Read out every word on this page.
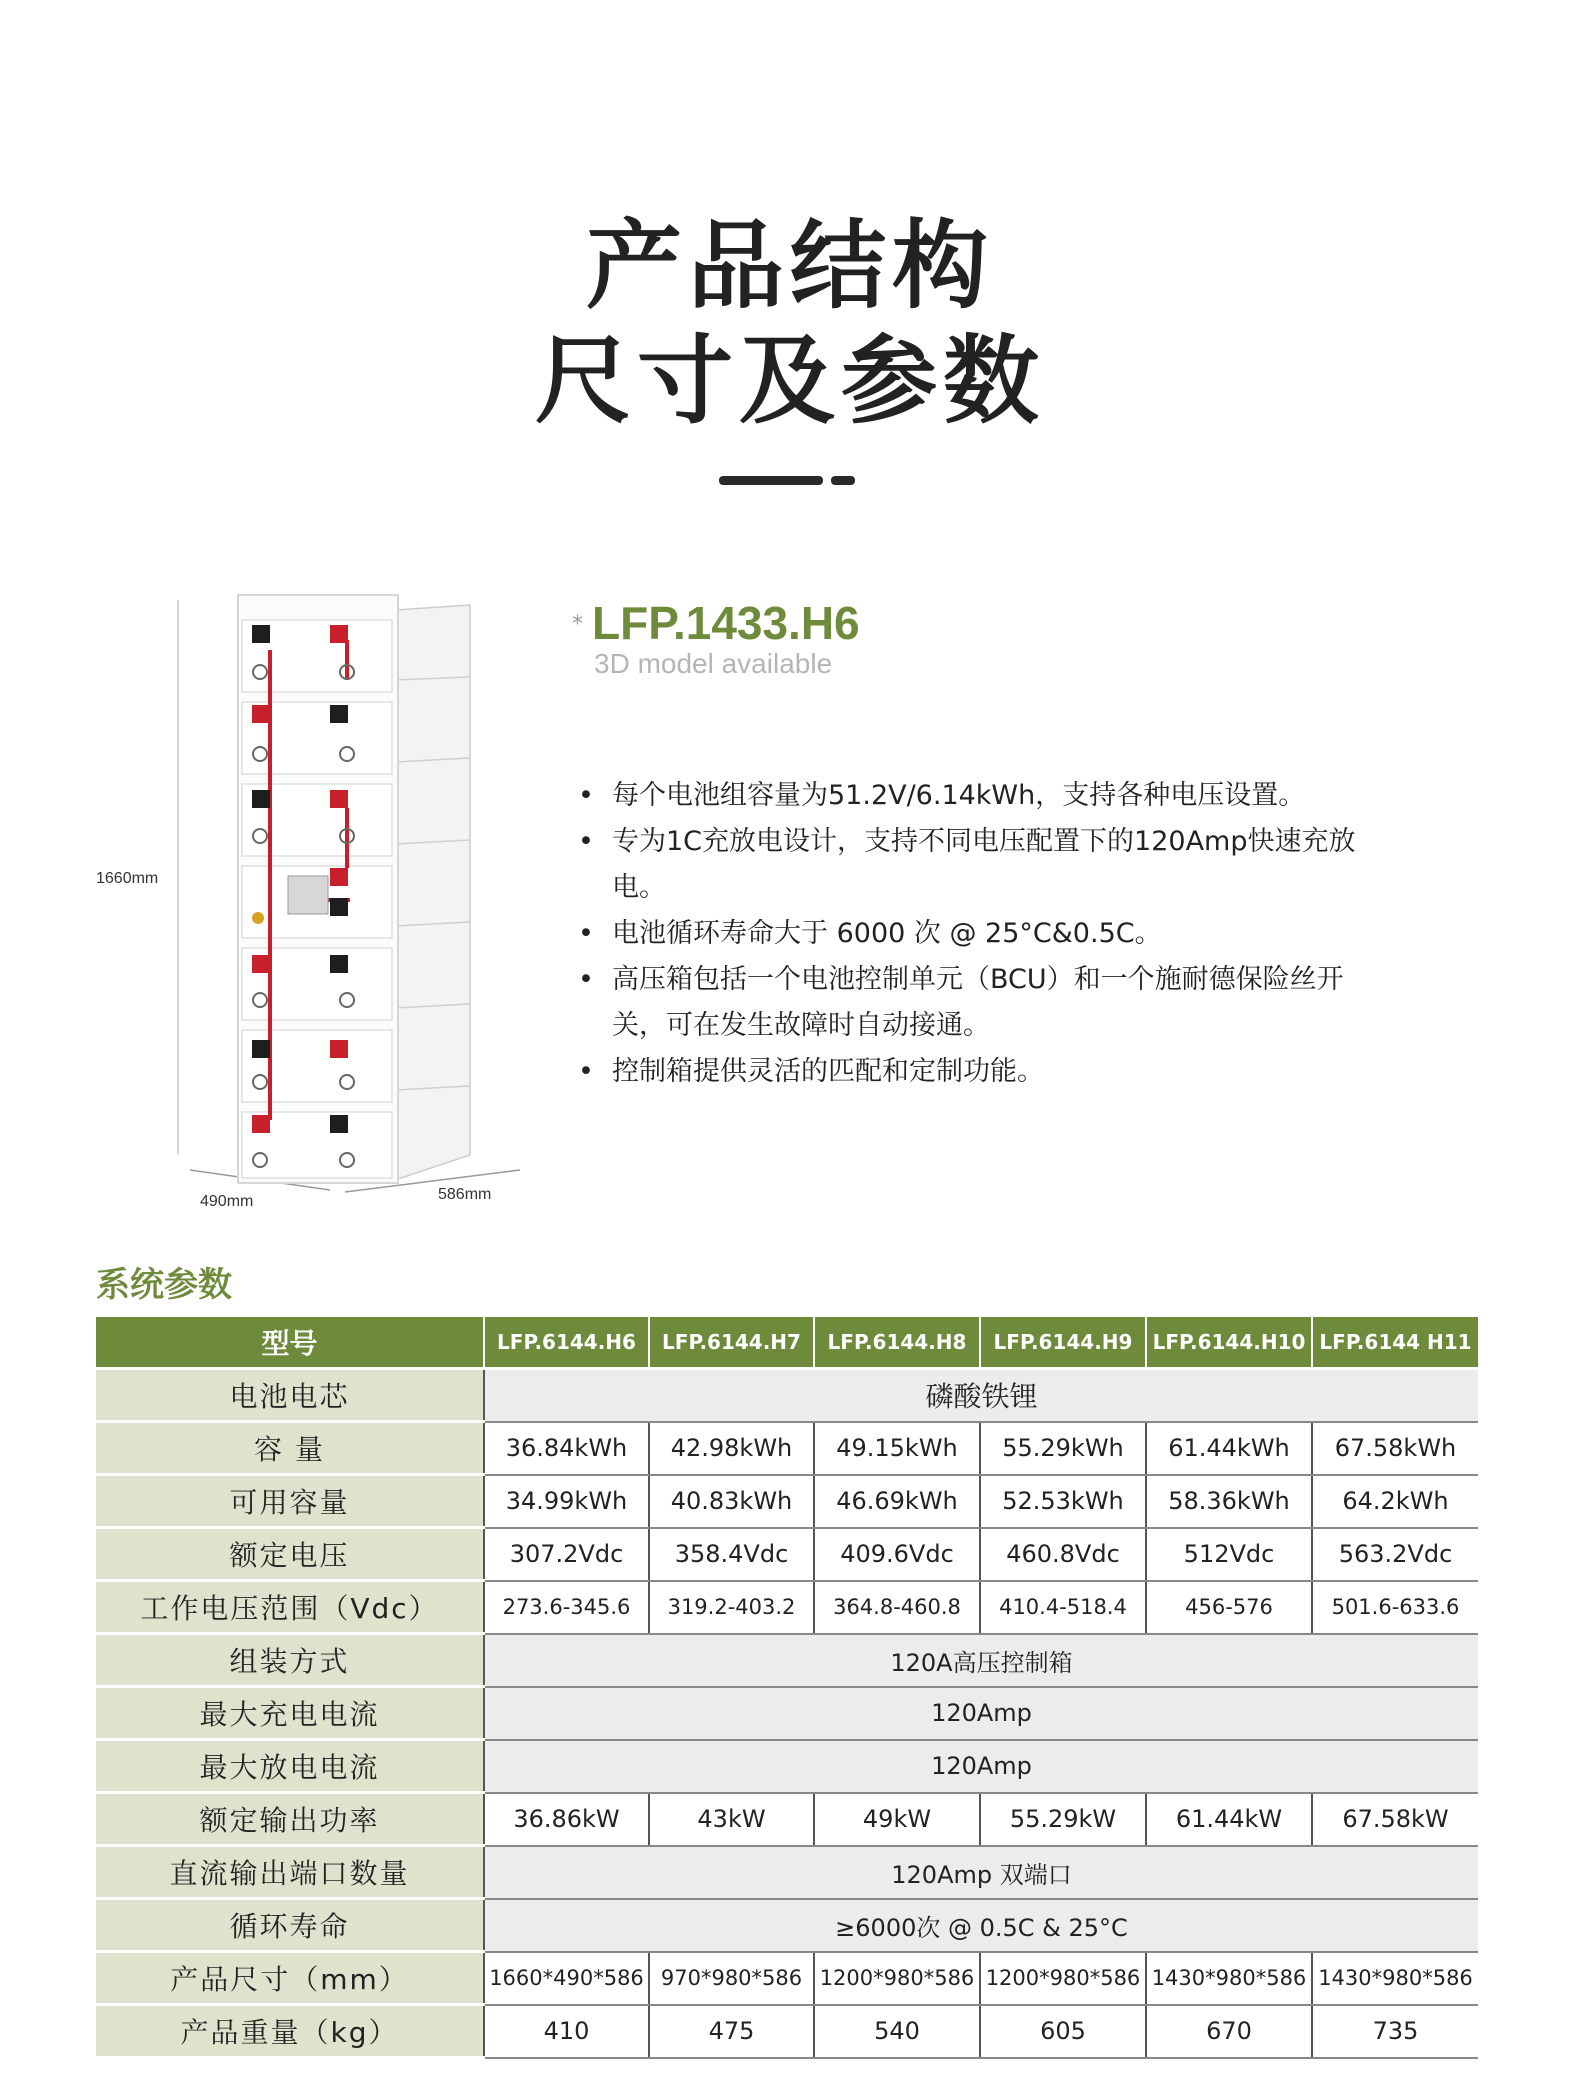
产品结构
尺寸及参数
1660mm
490mm	586mm
* LFP.1433.H6
3D model available
• 每个电池组容量为51.2V/6.14kWh，支持各种电压设置。
• 专为1C充放电设计，支持不同电压配置下的120Amp快速充放电。
• 电池循环寿命大于 6000 次 @ 25°C&0.5C。
• 高压箱包括一个电池控制单元（BCU）和一个施耐德保险丝开关，可在发生故障时自动接通。
• 控制箱提供灵活的匹配和定制功能。
系统参数
型号	LFP.6144.H6	LFP.6144.H7	LFP.6144.H8	LFP.6144.H9	LFP.6144.H10	LFP.6144 H11
电池电芯	磷酸铁锂					
容 量	36.84kWh	42.98kWh	49.15kWh	55.29kWh	61.44kWh	67.58kWh
可用容量	34.99kWh	40.83kWh	46.69kWh	52.53kWh	58.36kWh	64.2kWh
额定电压	307.2Vdc	358.4Vdc	409.6Vdc	460.8Vdc	512Vdc	563.2Vdc
工作电压范围（Vdc）	273.6-345.6	319.2-403.2	364.8-460.8	410.4-518.4	456-576	501.6-633.6
组装方式	120A高压控制箱					
最大充电电流	120Amp					
最大放电电流	120Amp					
额定输出功率	36.86kW	43kW	49kW	55.29kW	61.44kW	67.58kW
直流输出端口数量	120Amp 双端口					
循环寿命	≥6000次 @ 0.5C & 25°C					
产品尺寸（mm）	1660*490*586	970*980*586	1200*980*586	1200*980*586	1430*980*586	1430*980*586
产品重量（kg）	410	475	540	605	670	735
